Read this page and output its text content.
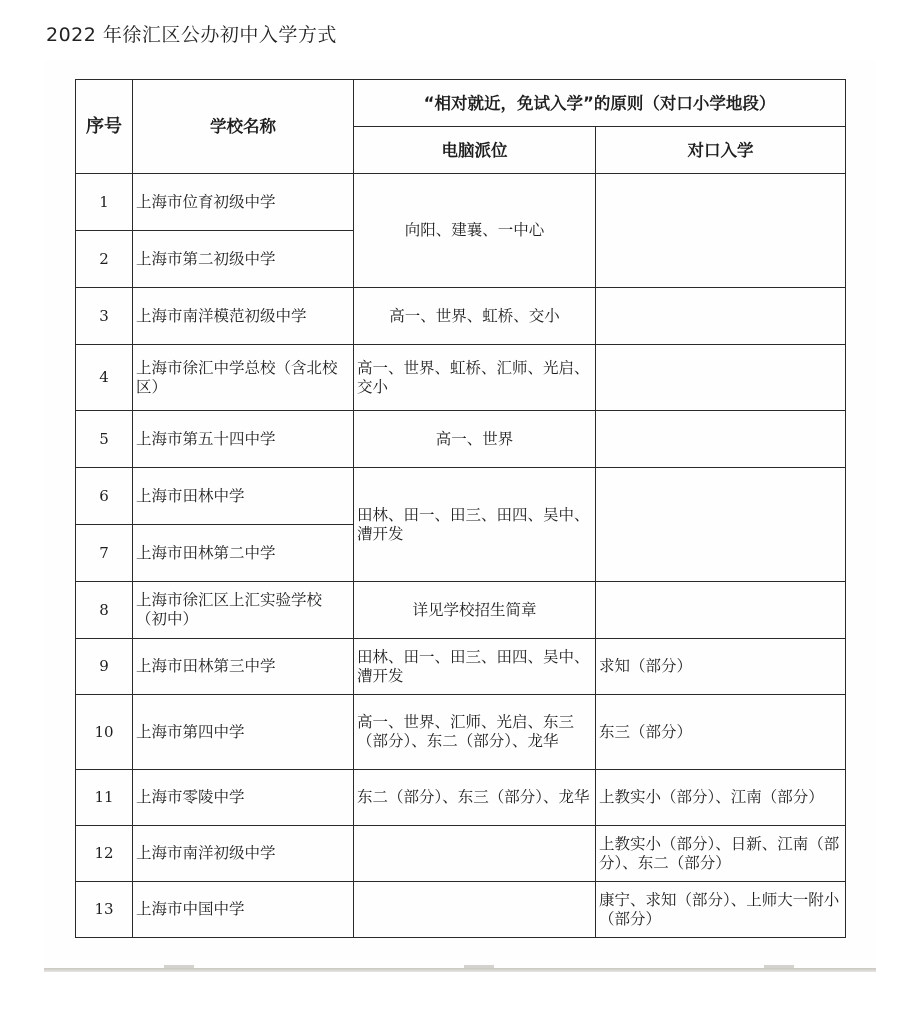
2022 年徐汇区公办初中入学方式
序号	学校名称	“相对就近，免试入学”的原则（对口小学地段）	
		电脑派位	对口入学
1	上海市位育初级中学	向阳、建襄、一中心	
2	上海市第二初级中学		
3	上海市南洋模范初级中学	高一、世界、虹桥、交小	
4	上海市徐汇中学总校（含北校区）	高一、世界、虹桥、汇师、光启、交小	
5	上海市第五十四中学	高一、世界	
6	上海市田林中学	田林、田一、田三、田四、吴中、漕开发	
7	上海市田林第二中学		
8	上海市徐汇区上汇实验学校（初中）	详见学校招生简章	
9	上海市田林第三中学	田林、田一、田三、田四、吴中、漕开发	求知（部分）
10	上海市第四中学	高一、世界、汇师、光启、东三（部分）、东二（部分）、龙华	东三（部分）
11	上海市零陵中学	东二（部分）、东三（部分）、龙华	上教实小（部分）、江南（部分）
12	上海市南洋初级中学		上教实小（部分）、日新、江南（部分）、东二（部分）
13	上海市中国中学		康宁、求知（部分）、上师大一附小（部分）
